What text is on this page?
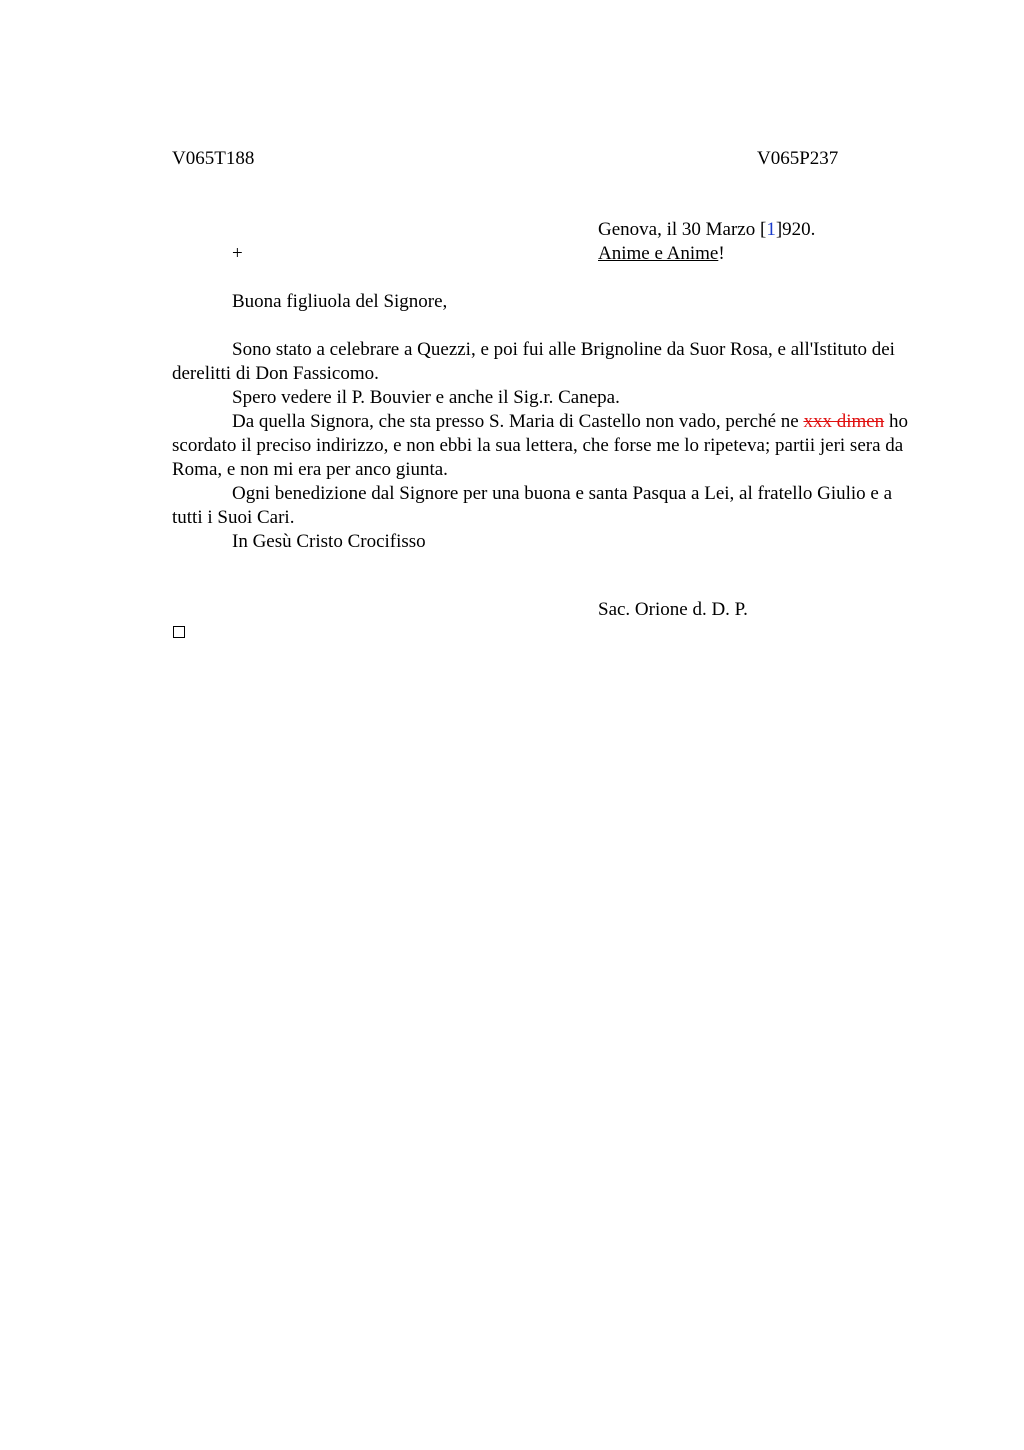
V065T188	V065P237
Genova, il 30 Marzo [1]920.
+	Anime e Anime!

Buona figliuola del Signore,

Sono stato a celebrare a Quezzi, e poi fui alle Brignoline da Suor Rosa, e all'Istituto dei derelitti di Don Fassicomo.

Spero vedere il P. Bouvier e anche il Sig.r. Canepa.

Da quella Signora, che sta presso S. Maria di Castello non vado, perché ne xxx dimen ho scordato il preciso indirizzo, e non ebbi la sua lettera, che forse me lo ripeteva; partii jeri sera da Roma, e non mi era per anco giunta.

Ogni benedizione dal Signore per una buona e santa Pasqua a Lei, al fratello Giulio e a tutti i Suoi Cari.

In Gesù Cristo Crocifisso

Sac. Orione d. D. P.
